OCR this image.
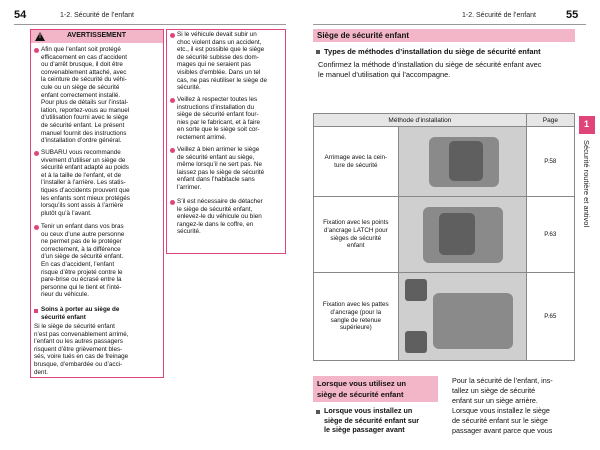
54	1-2. Sécurité de l’enfant	1-2. Sécurité de l’enfant	55
!	AVERTISSEMENT
Afin que l’enfant soit protégé
efficacement en cas d’accident
ou d’arrêt brusque, il doit être
convenablement attaché, avec
la ceinture de sécurité du véhi-
cule ou un siège de sécurité
enfant correctement installé.
Pour plus de détails sur l’instal-
lation, reportez-vous au manuel
d’utilisation fourni avec le siège
de sécurité enfant. Le présent
manuel fournit des instructions
d’installation d’ordre général.
SUBARU vous recommande
vivement d’utiliser un siège de
sécurité enfant adapté au poids
et à la taille de l’enfant, et de
l’installer à l’arrière. Les statis-
tiques d’accidents prouvent que
les enfants sont mieux protégés
lorsqu’ils sont assis à l’arrière
plutôt qu’à l’avant.
Tenir un enfant dans vos bras
ou ceux d’une autre personne
ne permet pas de le protéger
correctement, à la différence
d’un siège de sécurité enfant.
En cas d’accident, l’enfant
risque d’être projeté contre le
pare-brise ou écrasé entre la
personne qui le tient et l’inté-
rieur du véhicule.
Soins à porter au siège de
sécurité enfant
Si le siège de sécurité enfant
n’est pas convenablement arrimé,
l’enfant ou les autres passagers
risquent d’être grièvement bles-
sés, voire tués en cas de freinage
brusque, d’embardée ou d’acci-
dent.
Si le véhicule devait subir un
choc violent dans un accident,
etc., il est possible que le siège
de sécurité subisse des dom-
mages qui ne seraient pas
visibles d’emblée. Dans un tel
cas, ne pas réutiliser le siège de
sécurité.
Veillez à respecter toutes les
instructions d’installation du
siège de sécurité enfant four-
nies par le fabricant, et à faire
en sorte que le siège soit cor-
rectement arrimé.
Veillez à bien arrimer le siège
de sécurité enfant au siège,
même lorsqu’il ne sert pas. Ne
laissez pas le siège de sécurité
enfant dans l’habitacle sans
l’arrimer.
S’il est nécessaire de détacher
le siège de sécurité enfant,
enlevez-le du véhicule ou bien
rangez-le dans le coffre, en
sécurité.
Siège de sécurité enfant
Types de méthodes d’installation du siège de sécurité enfant
Confirmez la méthode d’installation du siège de sécurité enfant avec
le manuel d’utilisation qui l’accompagne.
Méthode d’installation		Page
Arrimage avec la cein-
ture de sécurité		P.58
Fixation avec les points
d’ancrage LATCH pour
sièges de sécurité
enfant		P.63
Fixation avec les pattes
d’ancrage (pour la
sangle de retenue
supérieure)		P.65
1
Sécurité routière et antivol
Lorsque vous utilisez un
siège de sécurité enfant
Lorsque vous installez un
siège de sécurité enfant sur
le siège passager avant
Pour la sécurité de l’enfant, ins-
tallez un siège de sécurité
enfant sur un siège arrière.
Lorsque vous installez le siège
de sécurité enfant sur le siège
passager avant parce que vous
